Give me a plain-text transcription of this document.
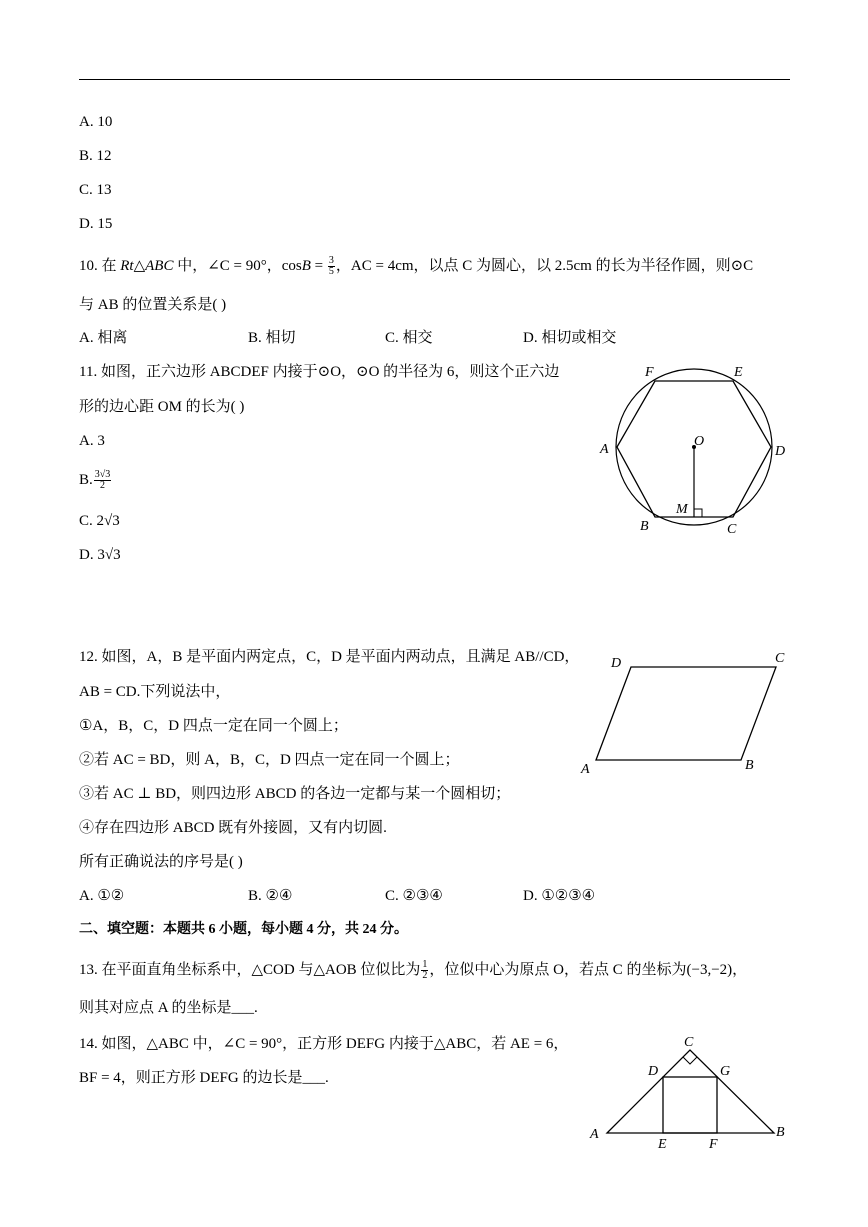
A. 10
B. 12
C. 13
D. 15
10. 在 Rt△ABC 中，∠C = 90°，$\cos B = \frac{3}{5}$ ，AC = 4cm，以点 C 为圆心，以 2.5cm 的长为半径作圆，则⊙C
与 AB 的位置关系是( )
A. 相离	B. 相切	C. 相交	D. 相切或相交
11. 如图，正六边形 ABCDEF 内接于⊙O，⊙O 的半径为 6，则这个正六边
形的边心距 OM 的长为( )
A. 3
B. $\frac{3√3}{2}$
C. 2√3
D. 3√3
A
B	C
D
E
F
O
M
12. 如图，A，B 是平面内两定点，C，D 是平面内两动点，且满足 AB//CD，
AB = CD.下列说法中，
①A，B，C，D 四点一定在同一个圆上；
②若 AC = BD，则 A，B，C，D 四点一定在同一个圆上；
③若 AC ⊥ BD，则四边形 ABCD 的各边一定都与某一个圆相切；
④存在四边形 ABCD 既有外接圆，又有内切圆.
所有正确说法的序号是( )
A. ①②	B. ②④	C. ②③④	D. ①②③④
A	B
C
D
二、填空题：本题共 6 小题，每小题 4 分，共 24 分。
13. 在平面直角坐标系中，△COD 与△AOB 位似比为 $\frac{1}{2}$ ，位似中心为原点 O，若点 C 的坐标为(−3,−2)，
则其对应点 A 的坐标是___.
14. 如图，△ABC 中，∠C = 90°，正方形 DEFG 内接于△ABC，若 AE = 6，
BF = 4，则正方形 DEFG 的边长是___.
A	B
C
D
E	F
G
